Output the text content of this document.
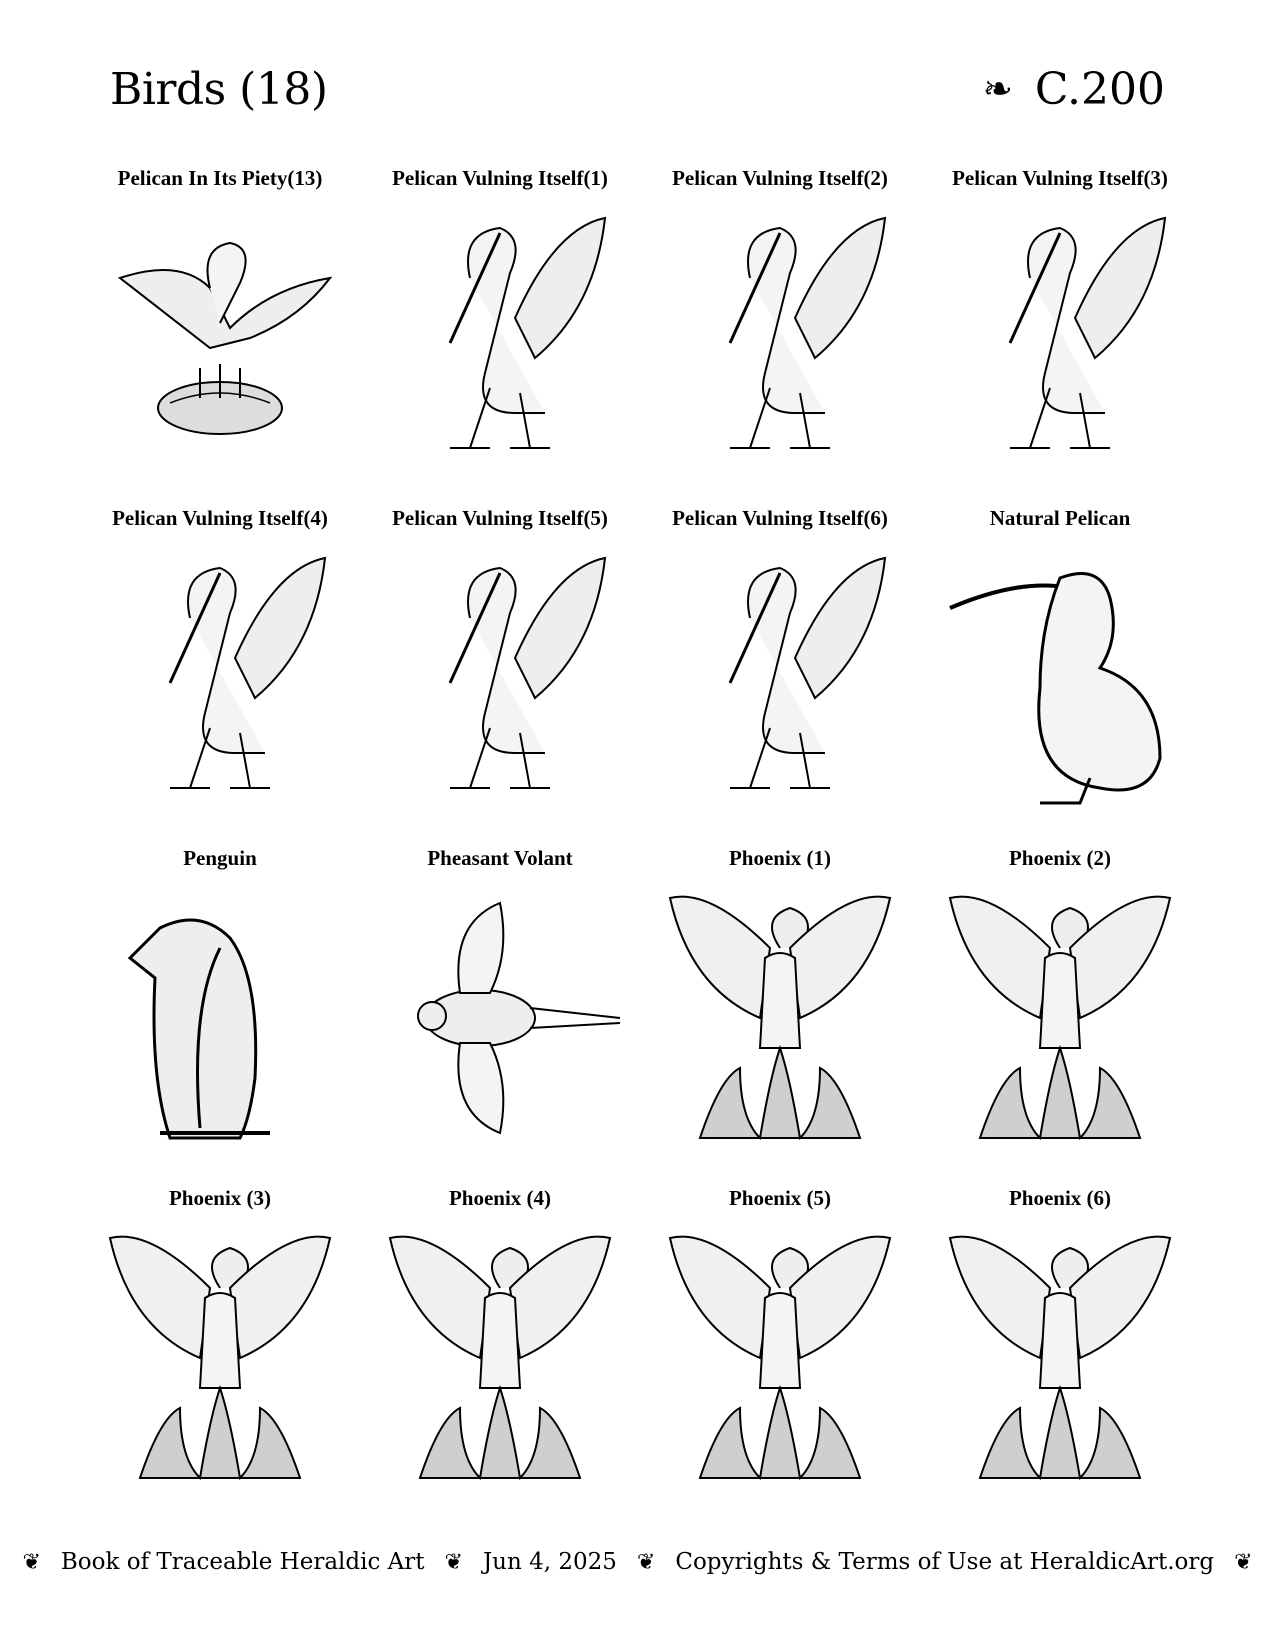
Birds (18)	❧ C.200
Pelican In Its Piety (13)	Pelican Vulning Itself (1)	Pelican Vulning Itself (2)	Pelican Vulning Itself (3)
Pelican Vulning Itself (4)	Pelican Vulning Itself (5)	Pelican Vulning Itself (6)	Natural Pelican
Penguin	Pheasant Volant	Phoenix (1)	Phoenix (2)
Phoenix (3)	Phoenix (4)	Phoenix (5)	Phoenix (6)
❦ Book of Traceable Heraldic Art ❦ Jun 4, 2025 ❦ Copyrights & Terms of Use at HeraldicArt.org ❦
